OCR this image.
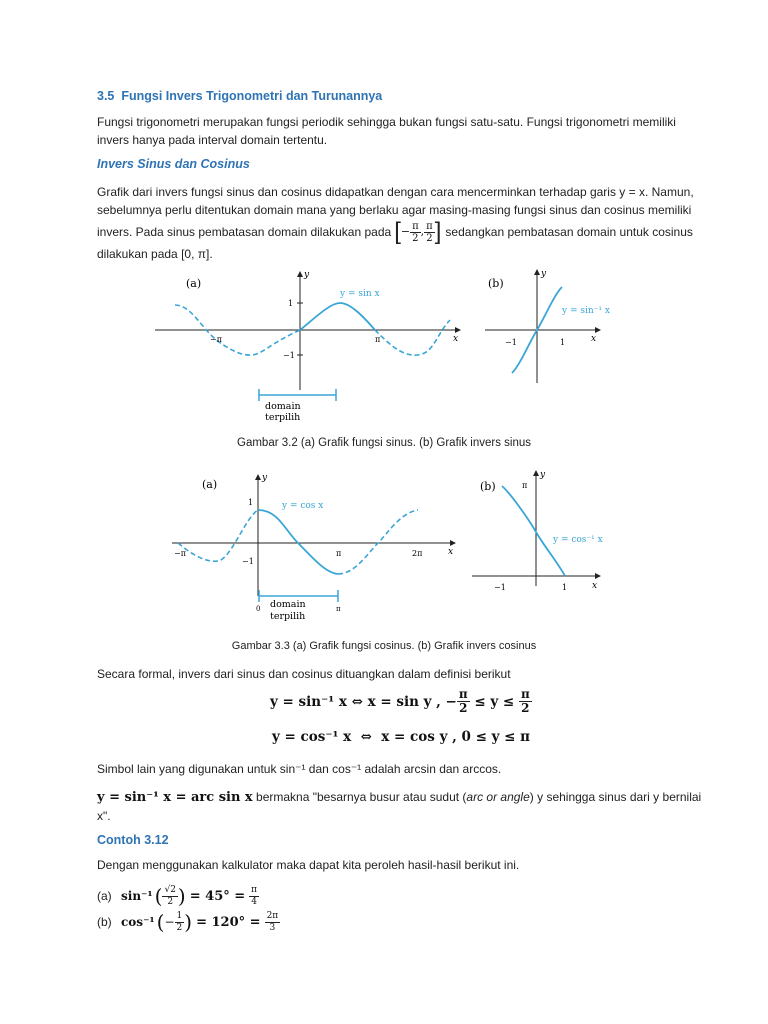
3.5 Fungsi Invers Trigonometri dan Turunannya
Fungsi trigonometri merupakan fungsi periodik sehingga bukan fungsi satu-satu. Fungsi trigonometri memiliki
invers hanya pada interval domain tertentu.
Invers Sinus dan Cosinus
Grafik dari invers fungsi sinus dan cosinus didapatkan dengan cara mencerminkan terhadap garis y = x. Namun,
sebelumnya perlu ditentukan domain mana yang berlaku agar masing-masing fungsi sinus dan cosinus memiliki
invers. Pada sinus pembatasan domain dilakukan pada [ − $\frac{\pi}{2}$ , $\frac{\pi}{2}$ ] sedangkan pembatasan domain untuk cosinus
dilakukan pada [0, π].
(a)
y
x
y = sin x
1
−1
−π	π
domain
terpilih
(b)
y
x
y = sin⁻¹ x
−1	1
Gambar 3.2 (a) Grafik fungsi sinus. (b) Grafik invers sinus
(a)	y
x
y = cos x
1
−1
−π	π	2π
0	π
domain
terpilih
(b)
y
x
y = cos⁻¹ x
π
−1	1
Gambar 3.3 (a) Grafik fungsi cosinus. (b) Grafik invers cosinus
Secara formal, invers dari sinus dan cosinus dituangkan dalam definisi berikut
y = sin⁻¹ x ⇔ x = sin y , − $\frac{\pi}{2} \le y \le \frac{\pi}{2}$
y = cos⁻¹ x  ⇔  x = cos y , 0 ≤ y ≤ π
Simbol lain yang digunakan untuk sin⁻¹ dan cos⁻¹ adalah arcsin dan arccos.
y = sin⁻¹ x = arc sin x bermakna "besarnya busur atau sudut (arc or angle) y sehingga sinus dari y bernilai
x".
Contoh 3.12
Dengan menggunakan kalkulator maka dapat kita peroleh hasil-hasil berikut ini.
(a) sin⁻¹ ( $\frac{√2}{2}$ ) = $45^\circ = \frac{\pi}{4}$
(b) cos⁻¹ ( − $\frac{1}{2}$ ) = $120^\circ = \frac{2\pi}{3}$
